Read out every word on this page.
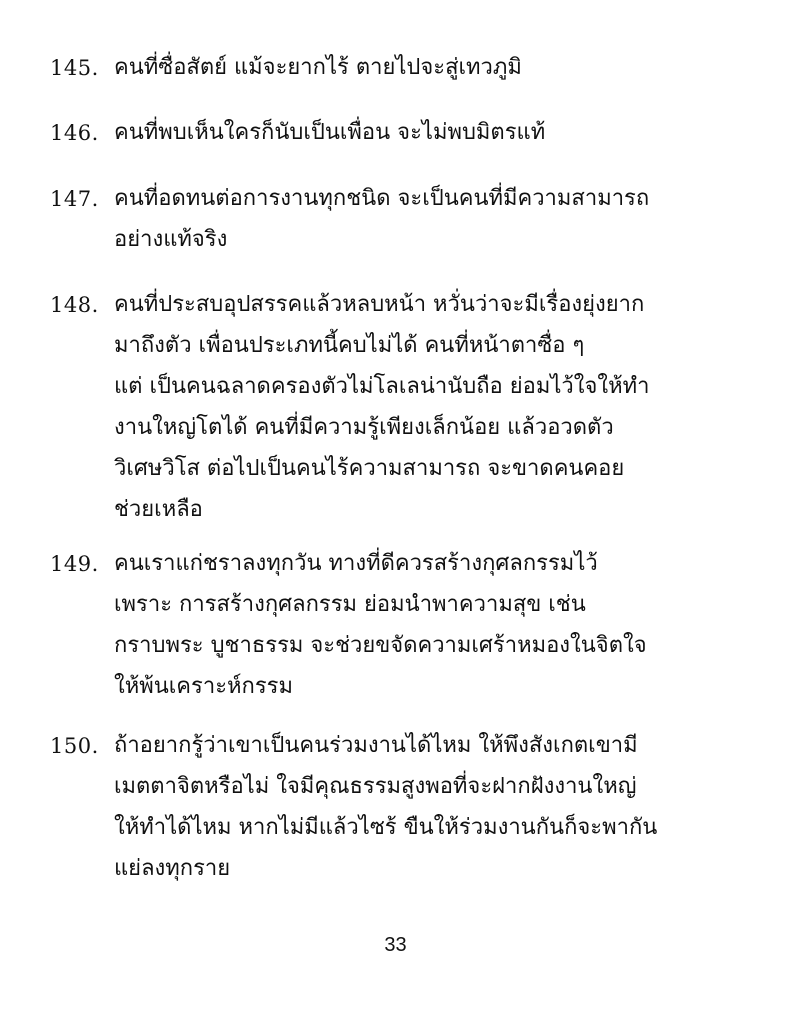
145. คนที่ซื่อสัตย์ แม้จะยากไร้ ตายไปจะสู่เทวภูมิ
146. คนที่พบเห็นใครก็นับเป็นเพื่อน จะไม่พบมิตรแท้
147. คนที่อดทนต่อการงานทุกชนิด จะเป็นคนที่มีความสามารถ
อย่างแท้จริง
148. คนที่ประสบอุปสรรคแล้วหลบหน้า หวั่นว่าจะมีเรื่องยุ่งยาก
มาถึงตัว เพื่อนประเภทนี้คบไม่ได้ คนที่หน้าตาซื่อ ๆ
แต่ เป็นคนฉลาดครองตัวไม่โลเลน่านับถือ ย่อมไว้ใจให้ทำ
งานใหญ่โตได้ คนที่มีความรู้เพียงเล็กน้อย แล้วอวดตัว
วิเศษวิโส ต่อไปเป็นคนไร้ความสามารถ จะขาดคนคอย
ช่วยเหลือ
149. คนเราแก่ชราลงทุกวัน ทางที่ดีควรสร้างกุศลกรรมไว้
เพราะ การสร้างกุศลกรรม ย่อมนำพาความสุข เช่น
กราบพระ บูชาธรรม จะช่วยขจัดความเศร้าหมองในจิตใจ
ให้พ้นเคราะห์กรรม
150. ถ้าอยากรู้ว่าเขาเป็นคนร่วมงานได้ไหม ให้พึงสังเกตเขามี
เมตตาจิตหรือไม่ ใจมีคุณธรรมสูงพอที่จะฝากฝังงานใหญ่
ให้ทำได้ไหม หากไม่มีแล้วไซร้ ขืนให้ร่วมงานกันก็จะพากัน
แย่ลงทุกราย
33
